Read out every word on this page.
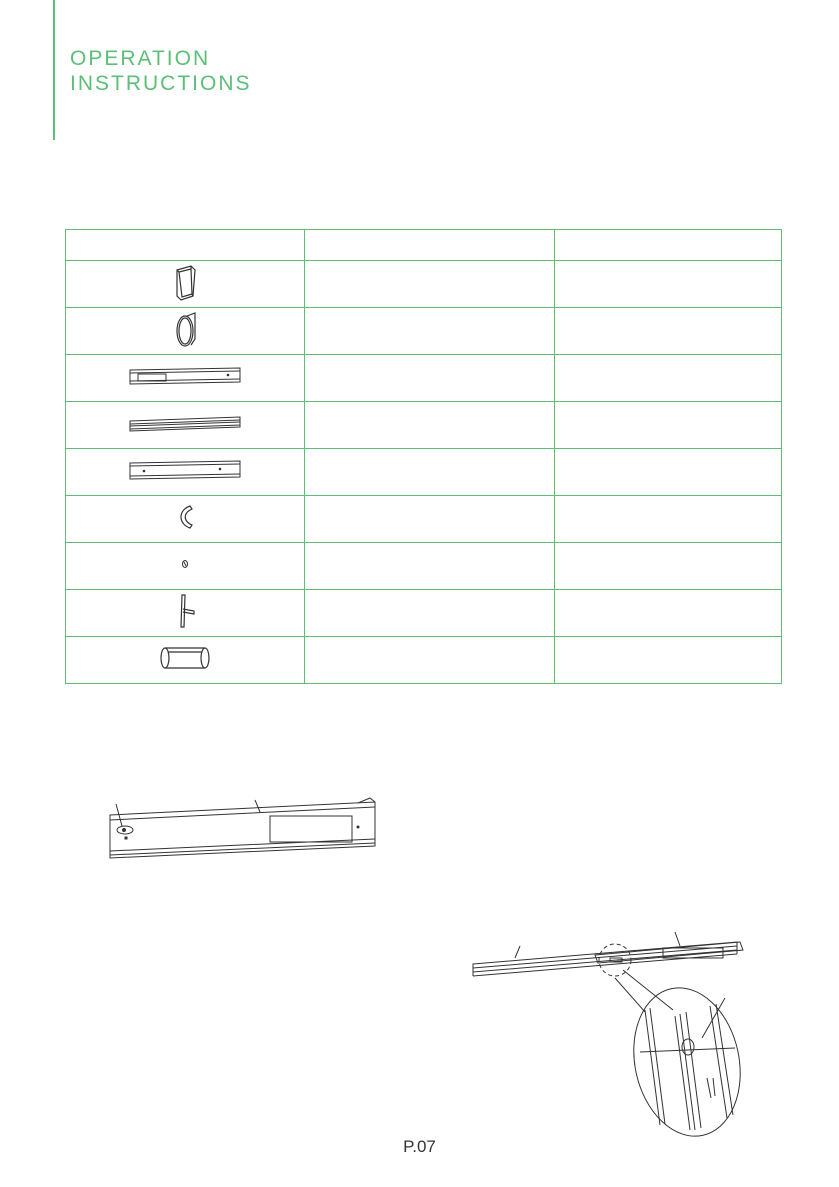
OPERATION
INSTRUCTIONS

P.07
